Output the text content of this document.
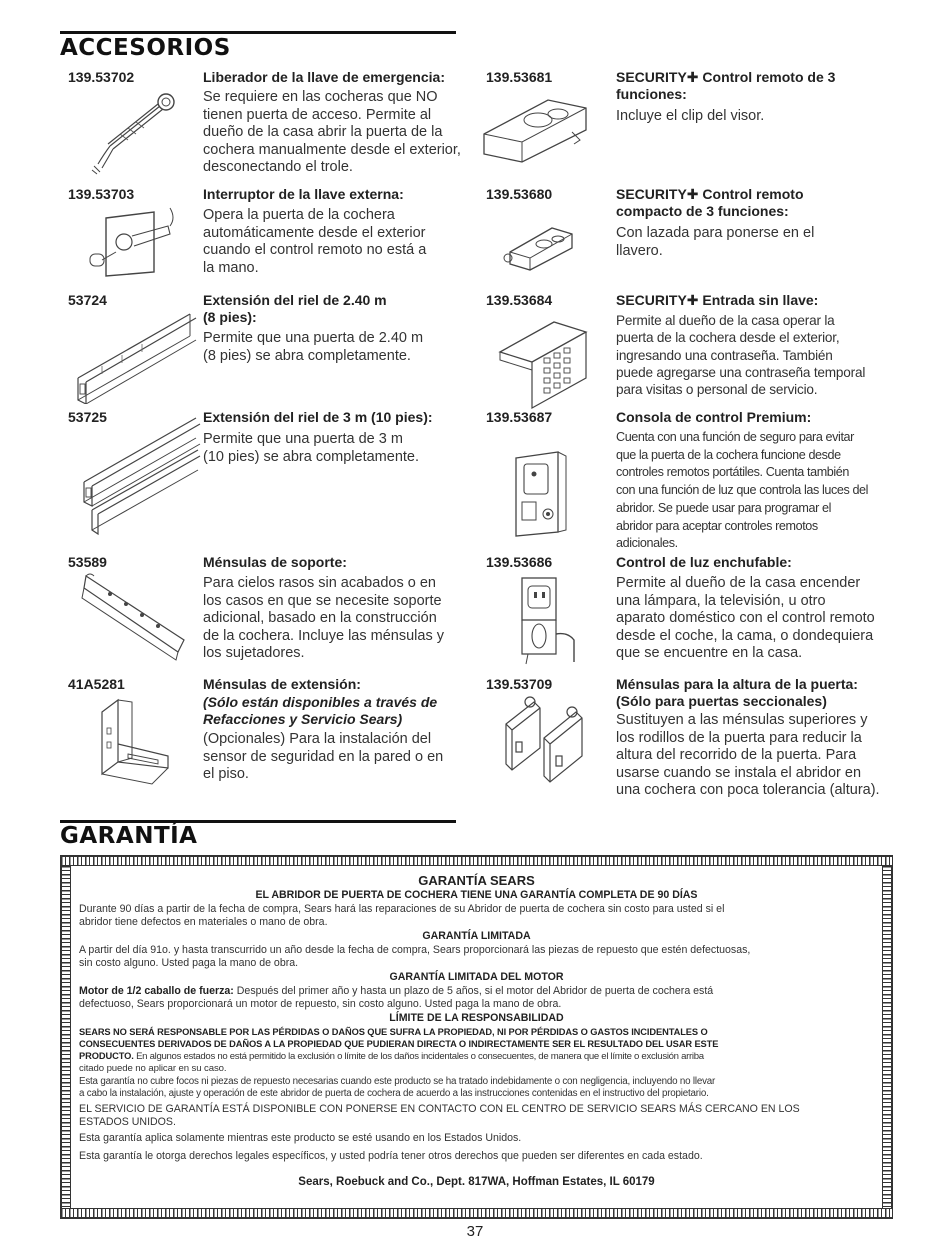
ACCESORIOS
139.53702	Liberador de la llave de emergencia:
Se requiere en las cocheras que NO
tienen puerta de acceso. Permite al
dueño de la casa abrir la puerta de la
cochera manualmente desde el exterior,
desconectando el trole.
139.53703	Interruptor de la llave externa:
Opera la puerta de la cochera
automáticamente desde el exterior
cuando el control remoto no está a
la mano.
53724	Extensión del riel de 2.40 m
(8 pies):
Permite que una puerta de 2.40 m
(8 pies) se abra completamente.
53725	Extensión del riel de 3 m (10 pies):
Permite que una puerta de 3 m
(10 pies) se abra completamente.
53589	Ménsulas de soporte:
Para cielos rasos sin acabados o en
los casos en que se necesite soporte
adicional, basado en la construcción
de la cochera. Incluye las ménsulas y
los sujetadores.
41A5281	Ménsulas de extensión:
(Sólo están disponibles a través de
Refacciones y Servicio Sears)
(Opcionales) Para la instalación del
sensor de seguridad en la pared o en
el piso.
139.53681	SECURITY✚ Control remoto de 3
funciones:
Incluye el clip del visor.
139.53680	SECURITY✚ Control remoto
compacto de 3 funciones:
Con lazada para ponerse en el
llavero.
139.53684	SECURITY✚ Entrada sin llave:
Permite al dueño de la casa operar la
puerta de la cochera desde el exterior,
ingresando una contraseña. También
puede agregarse una contraseña temporal
para visitas o personal de servicio.
139.53687	Consola de control Premium:
Cuenta con una función de seguro para evitar
que la puerta de la cochera funcione desde
controles remotos portátiles. Cuenta también
con una función de luz que controla las luces del
abridor. Se puede usar para programar el
abridor para aceptar controles remotos
adicionales.
139.53686	Control de luz enchufable:
Permite al dueño de la casa encender
una lámpara, la televisión, u otro
aparato doméstico con el control remoto
desde el coche, la cama, o dondequiera
que se encuentre en la casa.
139.53709	Ménsulas para la altura de la puerta:
(Sólo para puertas seccionales)
Sustituyen a las ménsulas superiores y
los rodillos de la puerta para reducir la
altura del recorrido de la puerta. Para
usarse cuando se instala el abridor en
una cochera con poca tolerancia (altura).
GARANTÍA
GARANTÍA SEARS
EL ABRIDOR DE PUERTA DE COCHERA TIENE UNA GARANTÍA COMPLETA DE 90 DÍAS
Durante 90 días a partir de la fecha de compra, Sears hará las reparaciones de su Abridor de puerta de cochera sin costo para usted si el
abridor tiene defectos en materiales o mano de obra.
GARANTÍA LIMITADA
A partir del día 91o. y hasta transcurrido un año desde la fecha de compra, Sears proporcionará las piezas de repuesto que estén defectuosas,
sin costo alguno. Usted paga la mano de obra.
GARANTÍA LIMITADA DEL MOTOR
Motor de 1/2 caballo de fuerza: Después del primer año y hasta un plazo de 5 años, si el motor del Abridor de puerta de cochera está
defectuoso, Sears proporcionará un motor de repuesto, sin costo alguno. Usted paga la mano de obra.
LÍMITE DE LA RESPONSABILIDAD
SEARS NO SERÁ RESPONSABLE POR LAS PÉRDIDAS O DAÑOS QUE SUFRA LA PROPIEDAD, NI POR PÉRDIDAS O GASTOS INCIDENTALES O
CONSECUENTES DERIVADOS DE DAÑOS A LA PROPIEDAD QUE PUDIERAN DIRECTA O INDIRECTAMENTE SER EL RESULTADO DEL USAR ESTE
PRODUCTO. En algunos estados no está permitido la exclusión o límite de los daños incidentales o consecuentes, de manera que el límite o exclusión arriba
citado puede no aplicar en su caso.
Esta garantía no cubre focos ni piezas de repuesto necesarias cuando este producto se ha tratado indebidamente o con negligencia, incluyendo no llevar
a cabo la instalación, ajuste y operación de este abridor de puerta de cochera de acuerdo a las instrucciones contenidas en el instructivo del propietario.
EL SERVICIO DE GARANTÍA ESTÁ DISPONIBLE CON PONERSE EN CONTACTO CON EL CENTRO DE SERVICIO SEARS MÁS CERCANO EN LOS
ESTADOS UNIDOS.
Esta garantía aplica solamente mientras este producto se esté usando en los Estados Unidos.
Esta garantía le otorga derechos legales específicos, y usted podría tener otros derechos que pueden ser diferentes en cada estado.
Sears, Roebuck and Co., Dept. 817WA, Hoffman Estates, IL 60179
37
